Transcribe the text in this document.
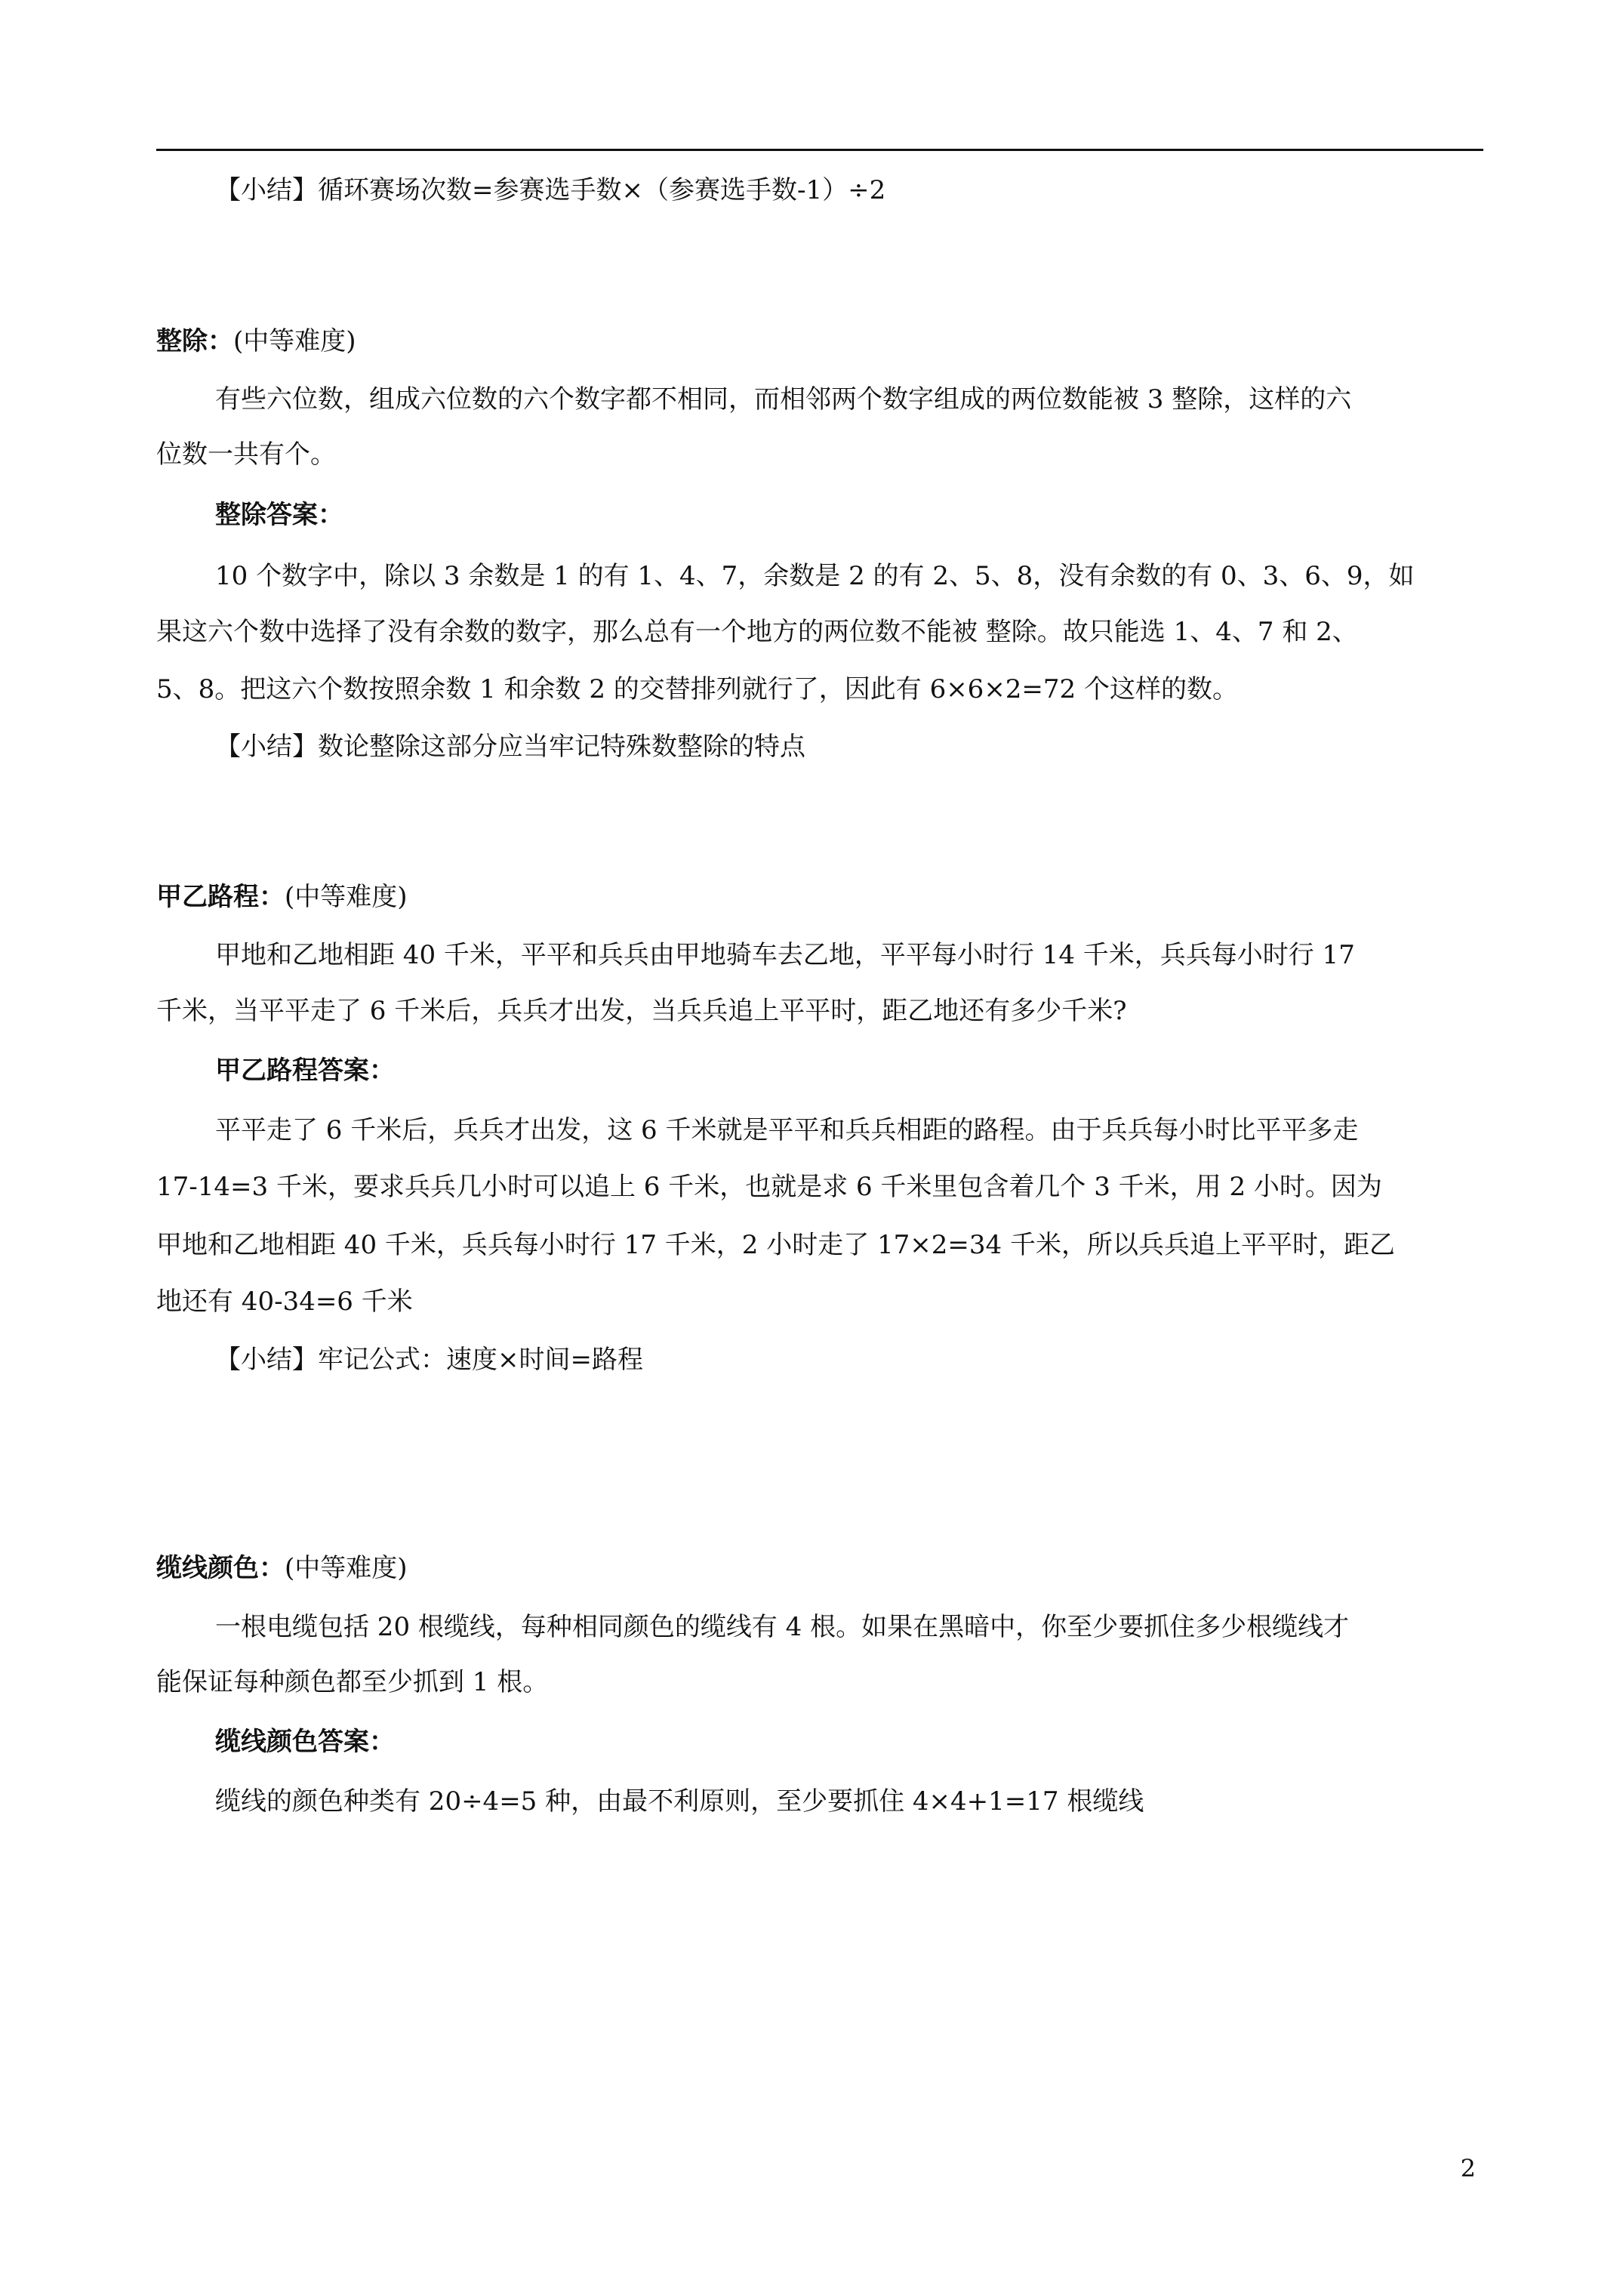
【小结】循环赛场次数=参赛选手数×（参赛选手数-1）÷2
整除：(中等难度)
有些六位数，组成六位数的六个数字都不相同，而相邻两个数字组成的两位数能被 3 整除，这样的六
位数一共有个。
整除答案：
10 个数字中，除以 3 余数是 1 的有 1、4、7，余数是 2 的有 2、5、8，没有余数的有 0、3、6、9，如
果这六个数中选择了没有余数的数字，那么总有一个地方的两位数不能被 整除。故只能选 1、4、7 和 2、
5、8。把这六个数按照余数 1 和余数 2 的交替排列就行了，因此有 6×6×2=72 个这样的数。
【小结】数论整除这部分应当牢记特殊数整除的特点
甲乙路程：(中等难度)
甲地和乙地相距 40 千米，平平和兵兵由甲地骑车去乙地，平平每小时行 14 千米，兵兵每小时行 17
千米，当平平走了 6 千米后，兵兵才出发，当兵兵追上平平时，距乙地还有多少千米?
甲乙路程答案：
平平走了 6 千米后，兵兵才出发，这 6 千米就是平平和兵兵相距的路程。由于兵兵每小时比平平多走
17-14=3 千米，要求兵兵几小时可以追上 6 千米，也就是求 6 千米里包含着几个 3 千米，用 2 小时。因为
甲地和乙地相距 40 千米，兵兵每小时行 17 千米，2 小时走了 17×2=34 千米，所以兵兵追上平平时，距乙
地还有 40-34=6 千米
【小结】牢记公式：速度×时间=路程
缆线颜色：(中等难度)
一根电缆包括 20 根缆线，每种相同颜色的缆线有 4 根。如果在黑暗中，你至少要抓住多少根缆线才
能保证每种颜色都至少抓到 1 根。
缆线颜色答案：
缆线的颜色种类有 20÷4=5 种，由最不利原则，至少要抓住 4×4+1=17 根缆线
2
